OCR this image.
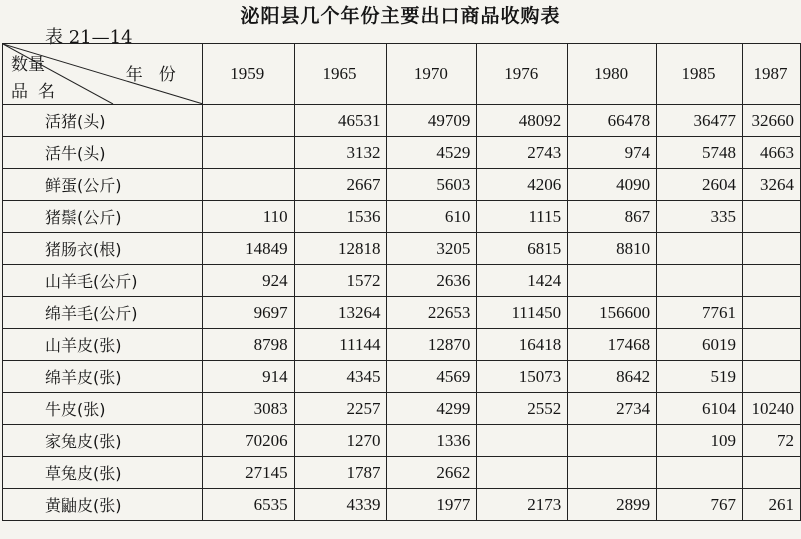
泌阳县几个年份主要出口商品收购表
表 21—14
数量 年份
品名	1959	1965	1970	1976	1980	1985	1987
活猪(头)		46531	49709	48092	66478	36477	32660
活牛(头)		3132	4529	2743	974	5748	4663
鲜蛋(公斤)		2667	5603	4206	4090	2604	3264
猪鬃(公斤)	110	1536	610	1115	867	335	
猪肠衣(根)	14849	12818	3205	6815	8810		
山羊毛(公斤)	924	1572	2636	1424			
绵羊毛(公斤)	9697	13264	22653	111450	156600	7761	
山羊皮(张)	8798	11144	12870	16418	17468	6019	
绵羊皮(张)	914	4345	4569	15073	8642	519	
牛皮(张)	3083	2257	4299	2552	2734	6104	10240
家兔皮(张)	70206	1270	1336			109	72
草兔皮(张)	27145	1787	2662				
黄鼬皮(张)	6535	4339	1977	2173	2899	767	261
